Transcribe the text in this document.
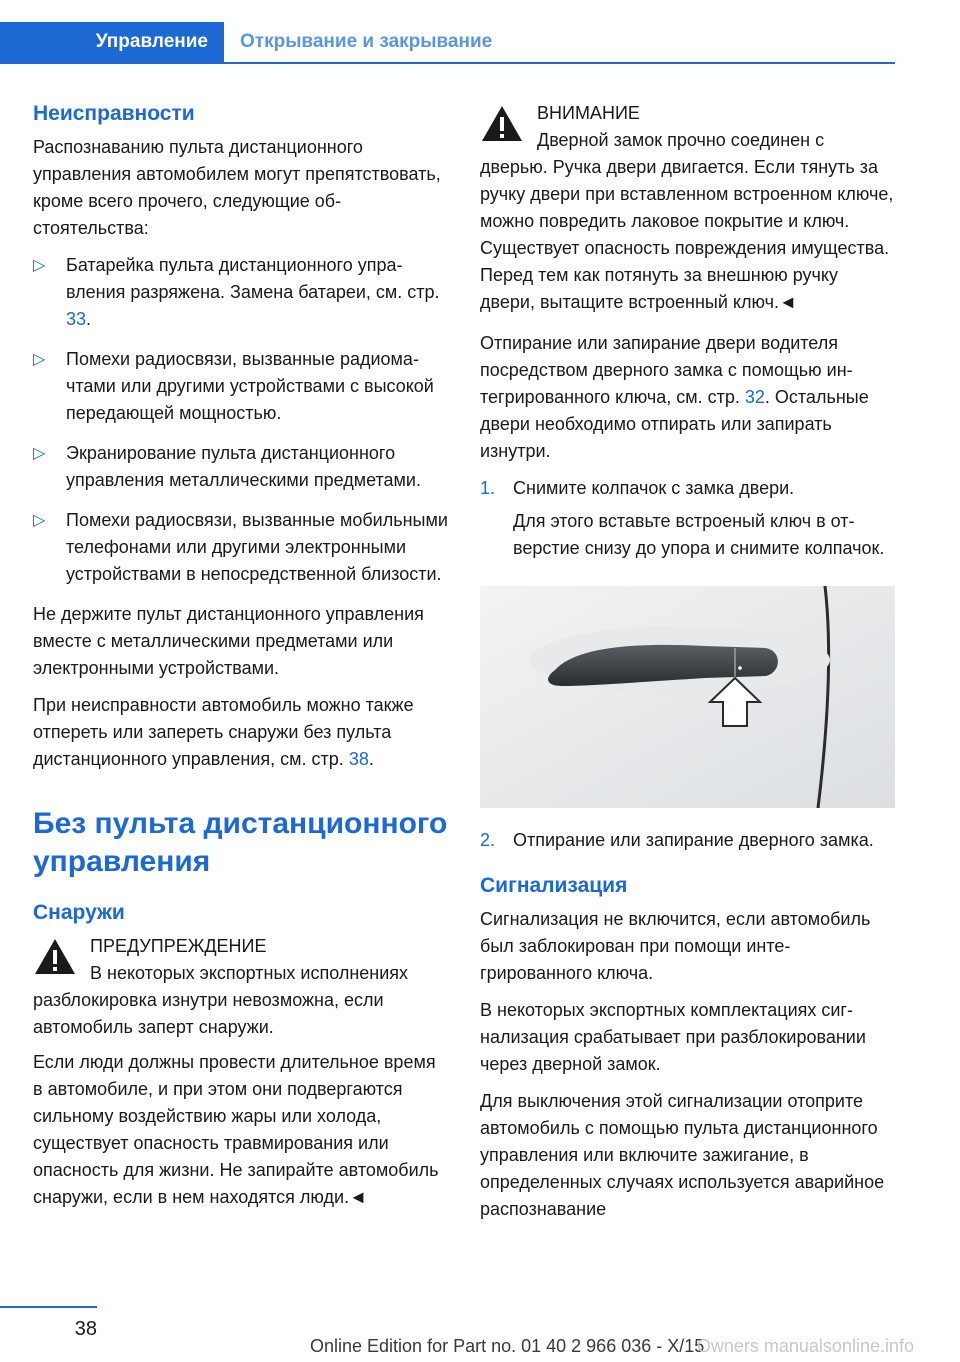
Управление	Открывание и закрывание
Неисправности

Распознаванию пульта дистанционного управления автомобилем могут препятствовать, кроме всего прочего, следующие обстоятельства:

▷ Батарейка пульта дистанционного управления разряжена. Замена батареи, см. стр. 33.
▷ Помехи радиосвязи, вызванные радиомачтами или другими устройствами с высокой передающей мощностью.
▷ Экранирование пульта дистанционного управления металлическими предметами.
▷ Помехи радиосвязи, вызванные мобильными телефонами или другими электронными устройствами в непосредственной близости.

Не держите пульт дистанционного управления вместе с металлическими предметами или электронными устройствами.

При неисправности автомобиль можно также отпереть или запереть снаружи без пульта дистанционного управления, см. стр. 38.

Без пульта дистанционного управления
Снаружи
ПРЕДУПРЕЖДЕНИЕ
В некоторых экспортных исполнениях

разблокировка изнутри невозможна, если автомобиль заперт снаружи.

Если люди должны провести длительное время в автомобиле, и при этом они подвергаются сильному воздействию жары или холода, существует опасность травмирования или опасность для жизни. Не запирайте автомобиль снаружи, если в нем находятся люди.◄

ВНИМАНИЕ
Дверной замок прочно соединен с

дверью. Ручка двери двигается. Если тянуть за ручку двери при вставленном встроенном ключе, можно повредить лаковое покрытие и ключ. Существует опасность повреждения имущества. Перед тем как потянуть за внешнюю ручку двери, вытащите встроенный ключ.◄

Отпирание или запирание двери водителя посредством дверного замка с помощью интегрированного ключа, см. стр. 32. Остальные двери необходимо отпирать или запирать изнутри.

1. Снимите колпачок с замка двери.

Для этого вставьте встроеный ключ в отверстие снизу до упора и снимите колпачок.

2. Отпирание или запирание дверного замка.

Сигнализация

Сигнализация не включится, если автомобиль был заблокирован при помощи интегрированного ключа.

В некоторых экспортных комплектациях сигнализация срабатывает при разблокировании через дверной замок.

Для выключения этой сигнализации отоприте автомобиль с помощью пульта дистанционного управления или включите зажигание, в определенных случаях используется аварийное распознавание

38
Online Edition for Part no. 01 40 2 966 036 - X/15
Owners manualsonline.info
